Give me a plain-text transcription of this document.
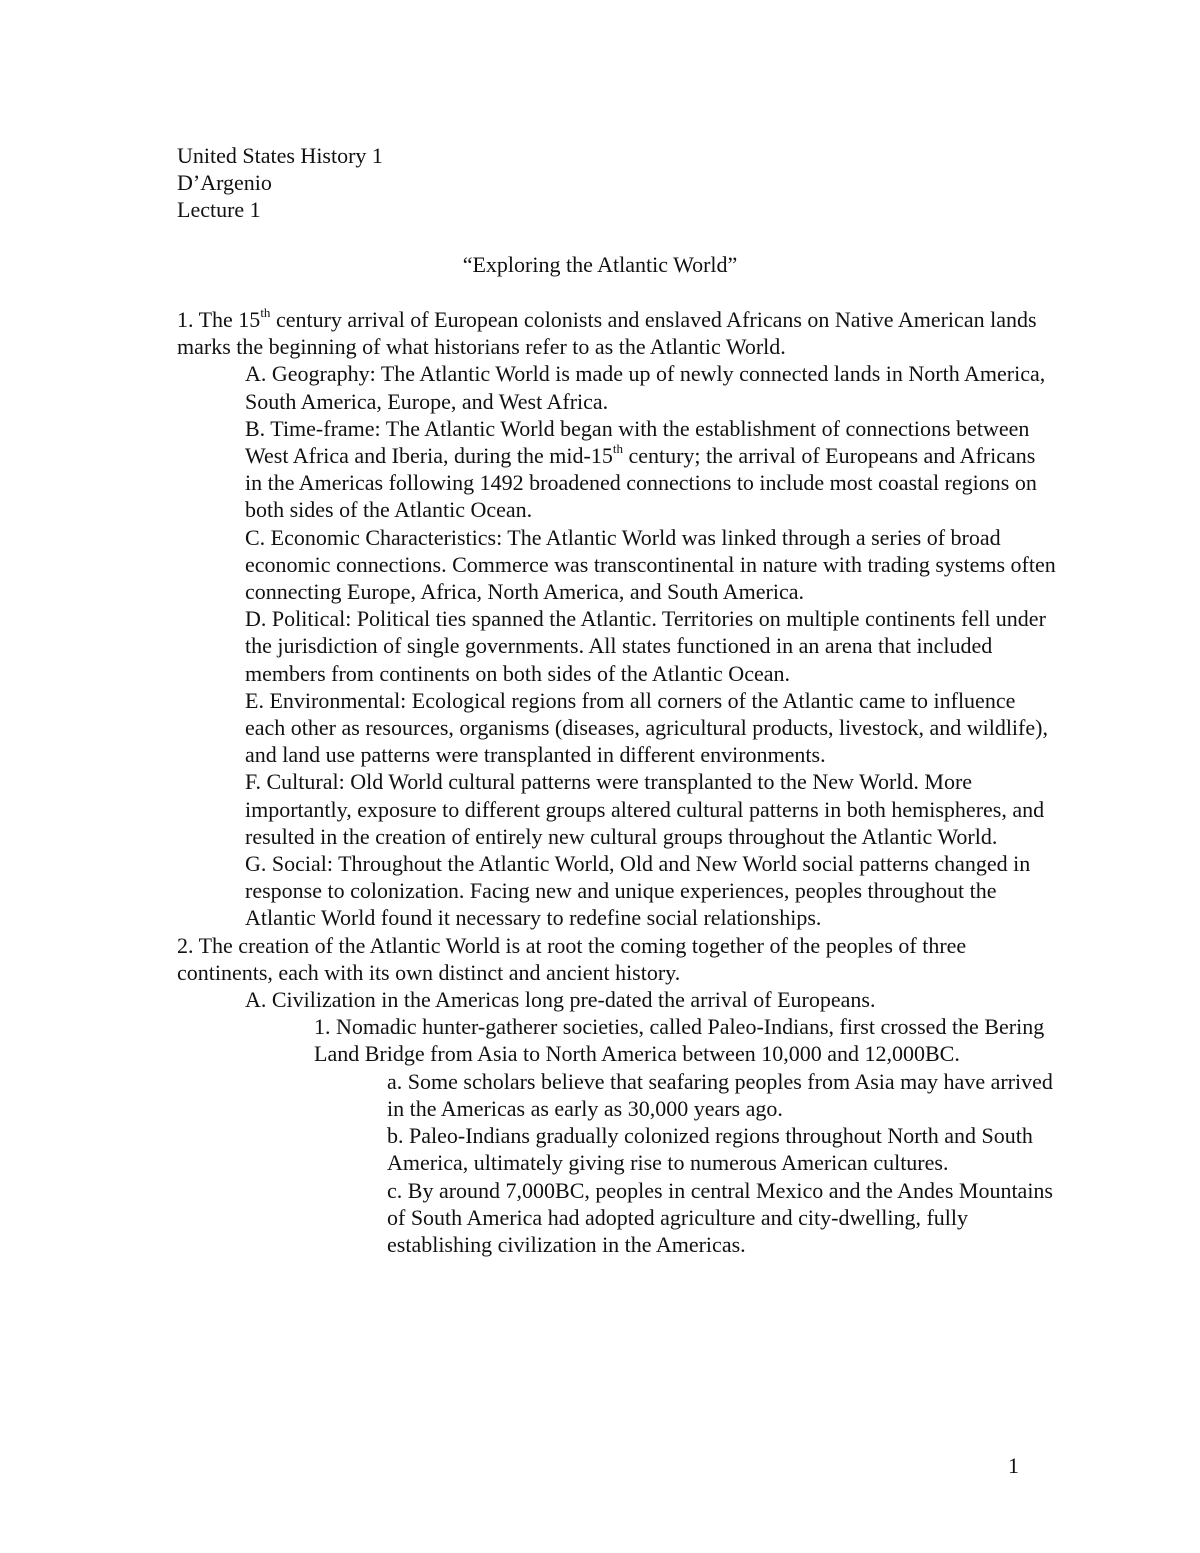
United States History 1
D’Argenio
Lecture 1
“Exploring the Atlantic World”
1. The 15th century arrival of European colonists and enslaved Africans on Native American lands marks the beginning of what historians refer to as the Atlantic World.
A. Geography: The Atlantic World is made up of newly connected lands in North America, South America, Europe, and West Africa.
B. Time-frame: The Atlantic World began with the establishment of connections between West Africa and Iberia, during the mid-15th century; the arrival of Europeans and Africans in the Americas following 1492 broadened connections to include most coastal regions on both sides of the Atlantic Ocean.
C. Economic Characteristics: The Atlantic World was linked through a series of broad economic connections. Commerce was transcontinental in nature with trading systems often connecting Europe, Africa, North America, and South America.
D. Political: Political ties spanned the Atlantic. Territories on multiple continents fell under the jurisdiction of single governments. All states functioned in an arena that included members from continents on both sides of the Atlantic Ocean.
E. Environmental: Ecological regions from all corners of the Atlantic came to influence each other as resources, organisms (diseases, agricultural products, livestock, and wildlife), and land use patterns were transplanted in different environments.
F. Cultural: Old World cultural patterns were transplanted to the New World. More importantly, exposure to different groups altered cultural patterns in both hemispheres, and resulted in the creation of entirely new cultural groups throughout the Atlantic World.
G. Social: Throughout the Atlantic World, Old and New World social patterns changed in response to colonization. Facing new and unique experiences, peoples throughout the Atlantic World found it necessary to redefine social relationships.
2. The creation of the Atlantic World is at root the coming together of the peoples of three continents, each with its own distinct and ancient history.
A. Civilization in the Americas long pre-dated the arrival of Europeans.
1. Nomadic hunter-gatherer societies, called Paleo-Indians, first crossed the Bering Land Bridge from Asia to North America between 10,000 and 12,000BC.
a. Some scholars believe that seafaring peoples from Asia may have arrived in the Americas as early as 30,000 years ago.
b. Paleo-Indians gradually colonized regions throughout North and South America, ultimately giving rise to numerous American cultures.
c. By around 7,000BC, peoples in central Mexico and the Andes Mountains of South America had adopted agriculture and city-dwelling, fully establishing civilization in the Americas.
1
